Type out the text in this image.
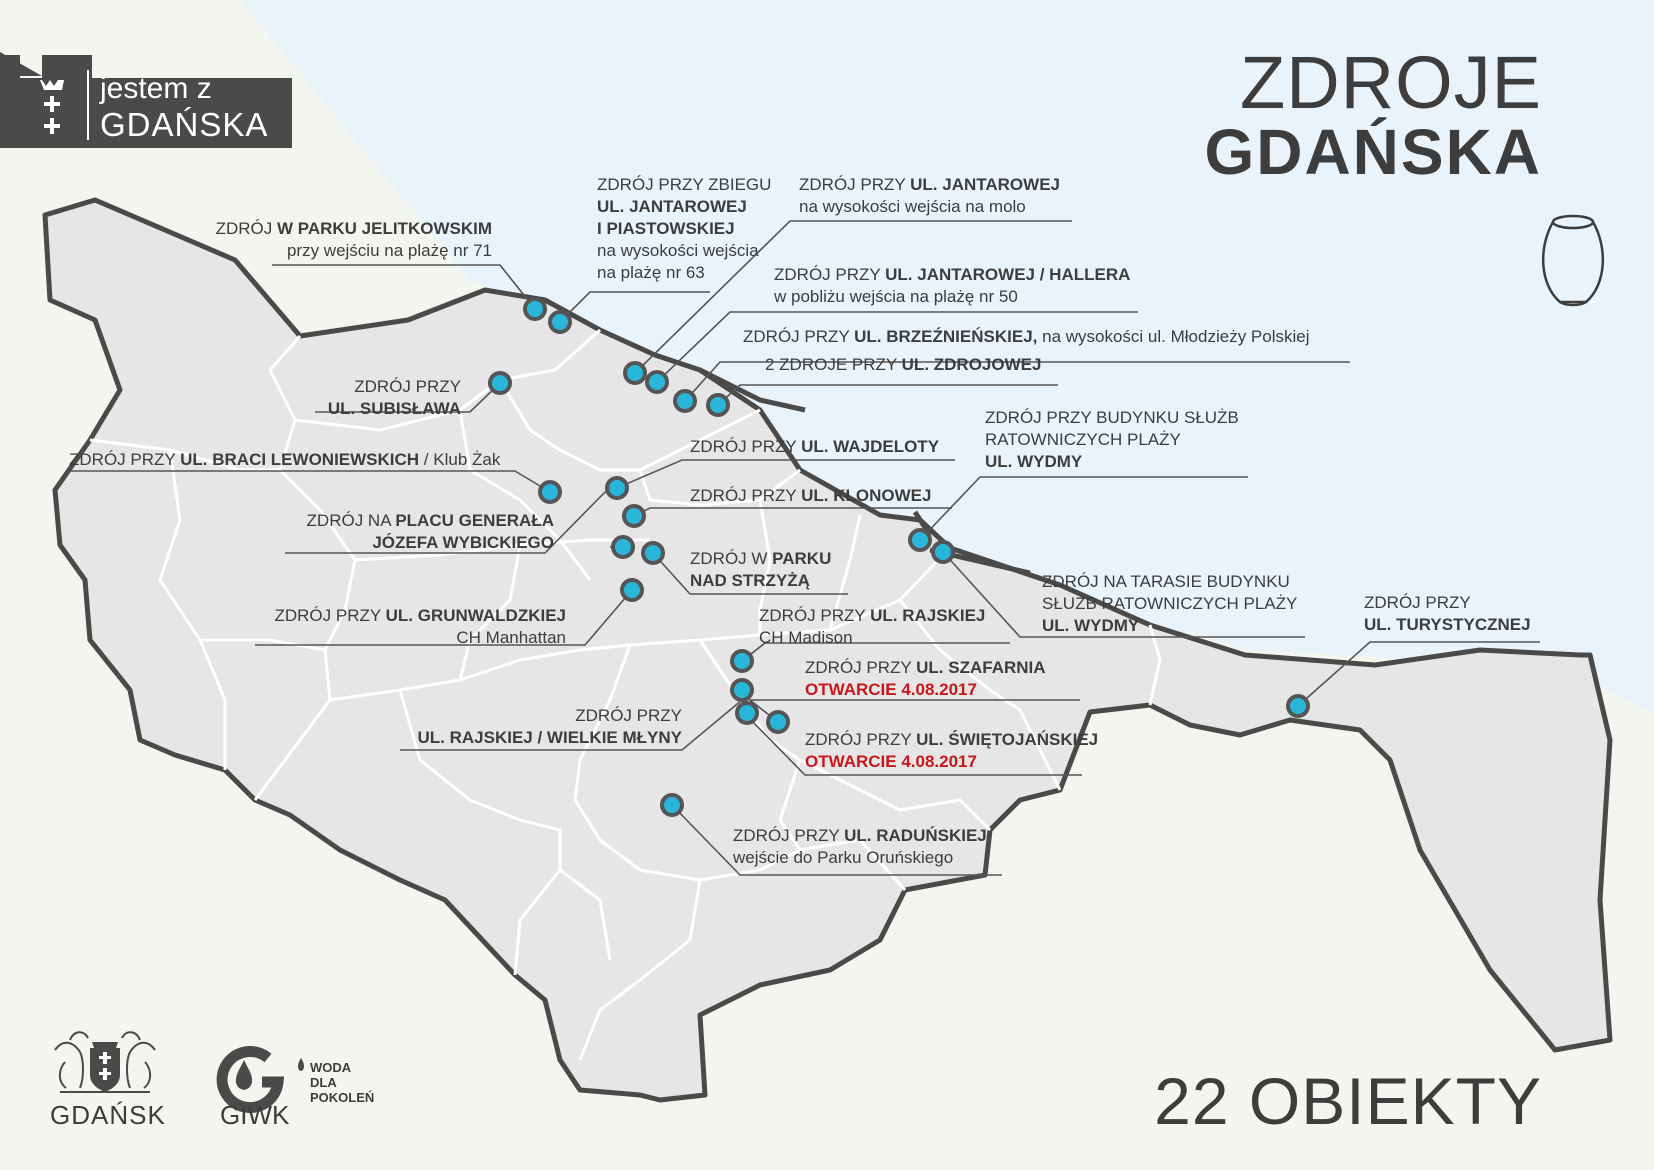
ZDROJE
GDAŃSKA
jestem z
GDAŃSKA
ZDRÓJ W PARKU JELITKOWSKIM
przy wejściu na plażę nr 71
ZDRÓJ PRZY ZBIEGU
UL. JANTAROWEJ
I PIASTOWSKIEJ
na wysokości wejścia
na plażę nr 63
ZDRÓJ PRZY UL. JANTAROWEJ
na wysokości wejścia na molo
ZDRÓJ PRZY UL. JANTAROWEJ / HALLERA
w pobliżu wejścia na plażę nr 50
ZDRÓJ PRZY UL. BRZEŹNIEŃSKIEJ, na wysokości ul. Młodzieży Polskiej
2 ZDROJE PRZY UL. ZDROJOWEJ
ZDRÓJ PRZY
UL. SUBISŁAWA
ZDRÓJ PRZY UL. BRACI LEWONIEWSKICH / Klub Żak
ZDRÓJ PRZY UL. WAJDELOTY
ZDRÓJ PRZY UL. KLONOWEJ
ZDRÓJ NA PLACU GENERAŁA
JÓZEFA WYBICKIEGO
ZDRÓJ W PARKU
NAD STRZYŻĄ
ZDRÓJ PRZY BUDYNKU SŁUŻB
RATOWNICZYCH PLAŻY
UL. WYDMY
ZDRÓJ PRZY UL. GRUNWALDZKIEJ
CH Manhattan
ZDRÓJ PRZY UL. RAJSKIEJ
CH Madison
ZDRÓJ NA TARASIE BUDYNKU
SŁUŻB RATOWNICZYCH PLAŻY
UL. WYDMY
ZDRÓJ PRZY
UL. TURYSTYCZNEJ
ZDRÓJ PRZY UL. SZAFARNIA
OTWARCIE 4.08.2017
ZDRÓJ PRZY
UL. RAJSKIEJ / WIELKIE MŁYNY	ZDRÓJ PRZY UL. ŚWIĘTOJAŃSKIEJ
OTWARCIE 4.08.2017
ZDRÓJ PRZY UL. RADUŃSKIEJ
wejście do Parku Oruńskiego
22 OBIEKTY
GDAŃSK GIWK
WODA
DLA
POKOLEŃ
